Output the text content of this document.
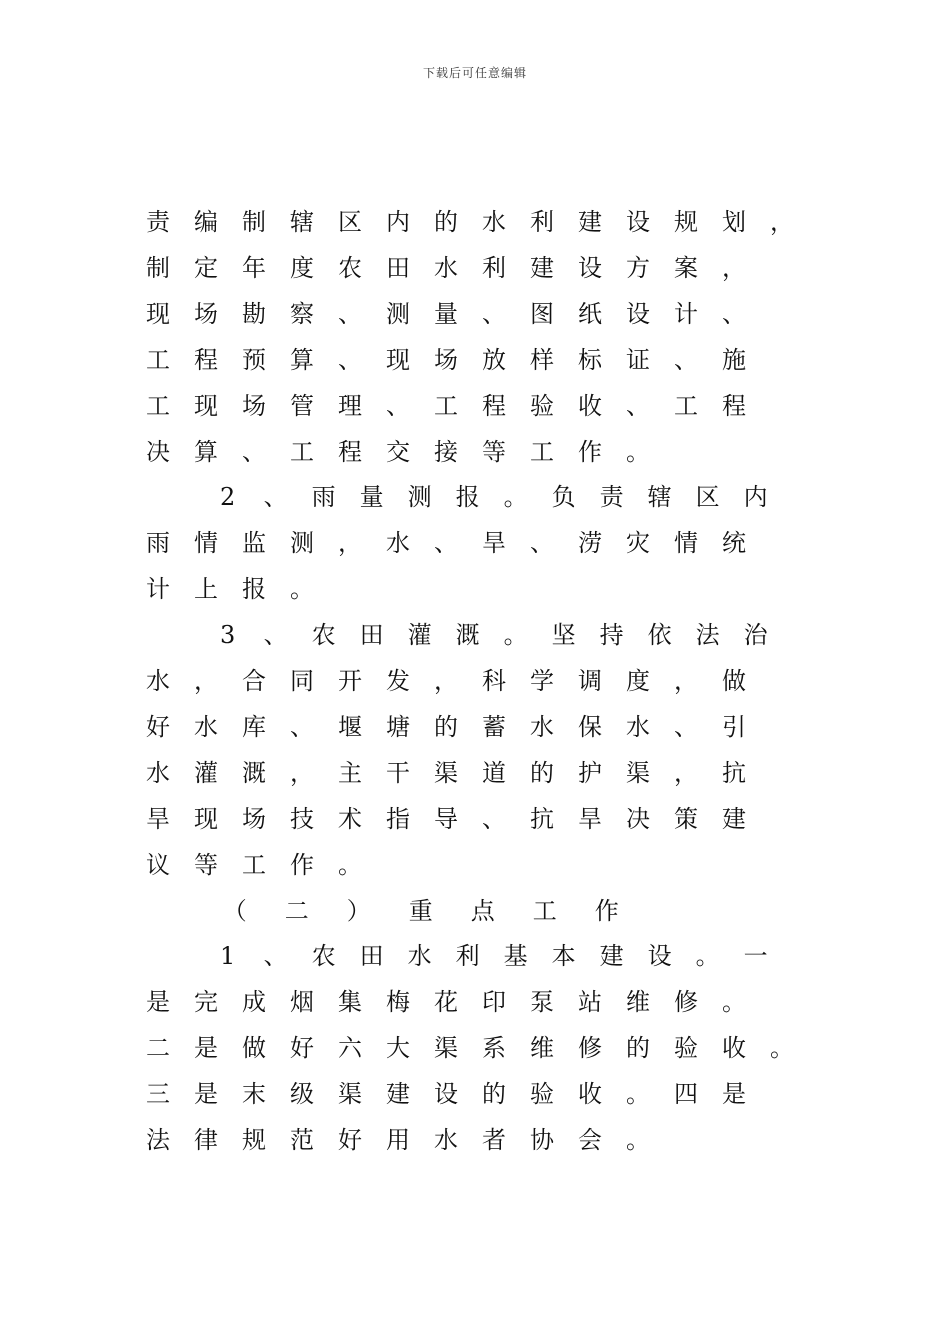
下载后可任意编辑
责 编 制 辖 区 内 的 水 利 建 设 规 划 ，
制 定 年 度 农 田 水 利 建 设 方 案 ，
现 场 勘 察 、 测 量 、 图 纸 设 计 、
工 程 预 算 、 现 场 放 样 标 证 、 施
工 现 场 管 理 、 工 程 验 收 、 工 程
决 算 、 工 程 交 接 等 工 作 。
2	、 雨 量 测 报 。 负 责 辖 区 内
雨 情 监 测 ， 水 、 旱 、 涝 灾 情 统
计 上 报 。
3	、 农 田 灌 溉 。 坚 持 依 法 治
水 ， 合 同 开 发 ， 科 学 调 度 ， 做
好 水 库 、 堰 塘 的 蓄 水 保 水 、 引
水 灌 溉 ， 主 干 渠 道 的 护 渠 ， 抗
旱 现 场 技 术 指 导 、 抗 旱 决 策 建
议 等 工 作 。
（ 二 ） 重 点 工 作
1	、 农 田 水 利 基 本 建 设 。 一
是 完 成 烟 集 梅 花 印 泵 站 维 修 。
二 是 做 好 六 大 渠 系 维 修 的 验 收 。
三 是 末 级 渠 建 设 的 验 收 。 四 是
法 律 规 范 好 用 水 者 协 会 。
